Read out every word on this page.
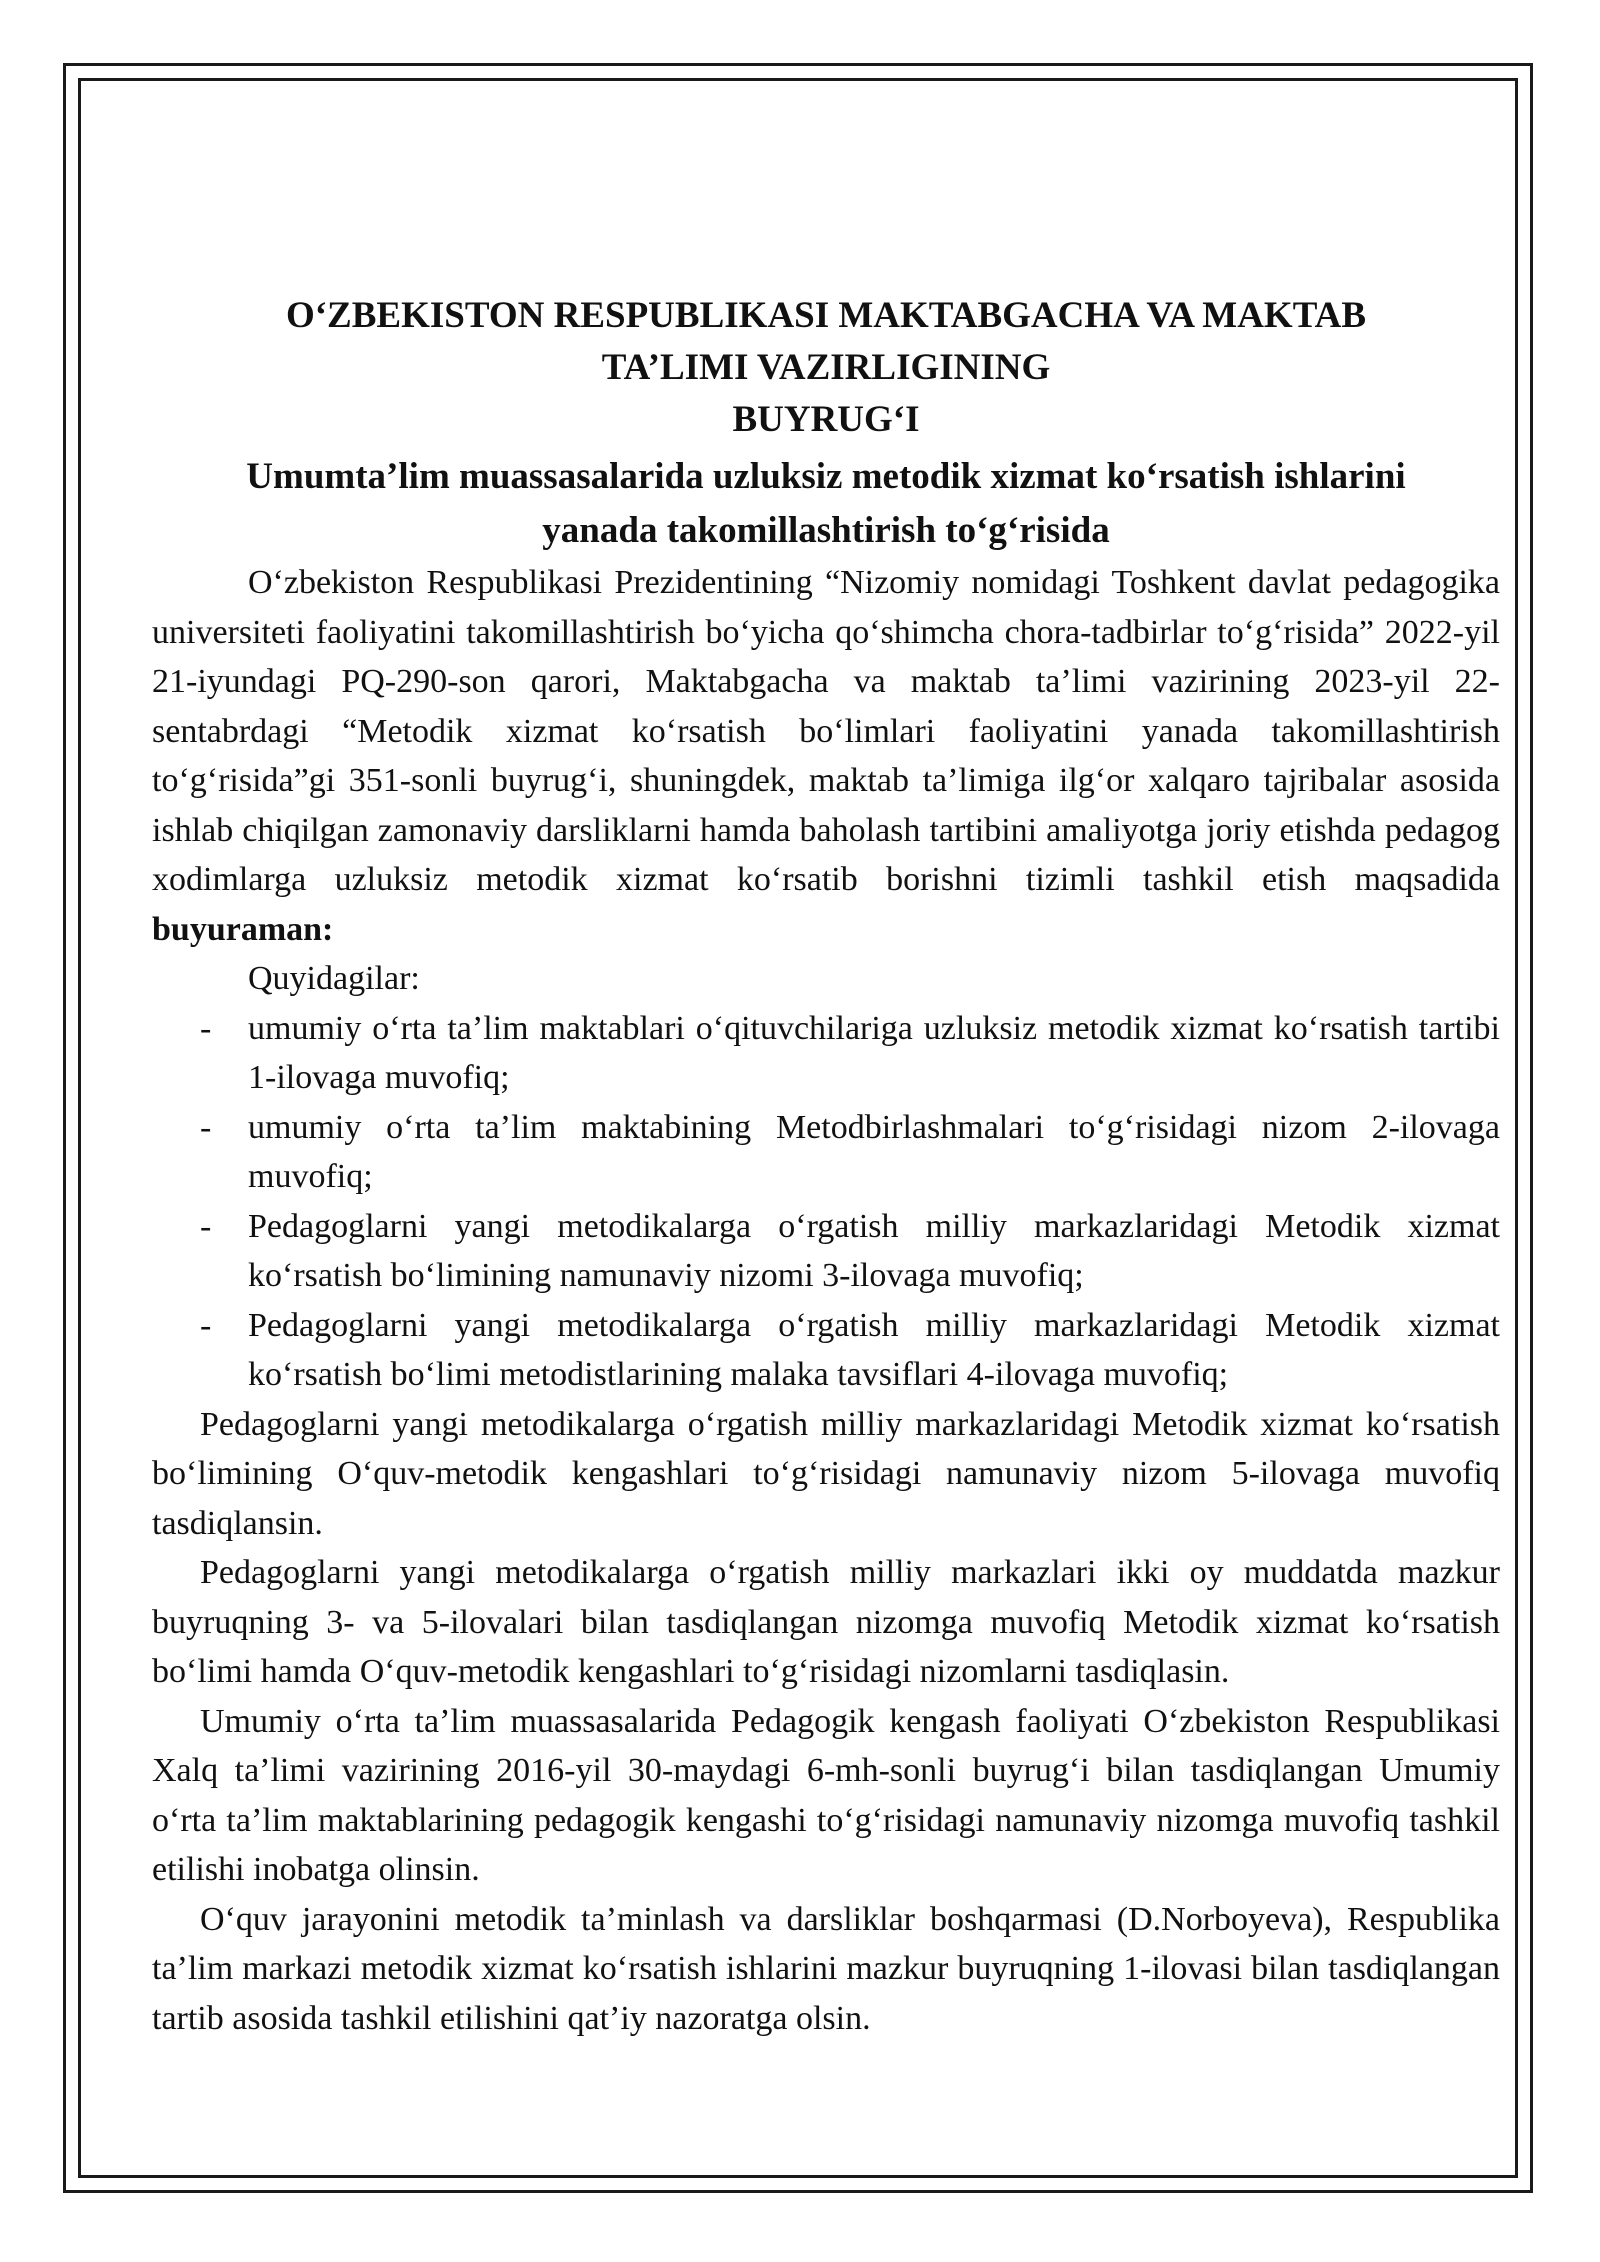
O‘ZBEKISTON RESPUBLIKASI MAKTABGACHA VA MAKTAB
TA’LIMI VAZIRLIGINING
BUYRUG‘I
Umumta’lim muassasalarida uzluksiz metodik xizmat ko‘rsatish ishlarini
yanada takomillashtirish to‘g‘risida

O‘zbekiston Respublikasi Prezidentining “Nizomiy nomidagi Toshkent davlat pedagogika universiteti faoliyatini takomillashtirish bo‘yicha qo‘shimcha chora-tadbirlar to‘g‘risida” 2022-yil 21-iyundagi PQ-290-son qarori, Maktabgacha va maktab ta’limi vazirining 2023-yil 22-sentabrdagi “Metodik xizmat ko‘rsatish bo‘limlari faoliyatini yanada takomillashtirish to‘g‘risida”gi 351-sonli buyrug‘i, shuningdek, maktab ta’limiga ilg‘or xalqaro tajribalar asosida ishlab chiqilgan zamonaviy darsliklarni hamda baholash tartibini amaliyotga joriy etishda pedagog xodimlarga uzluksiz metodik xizmat ko‘rsatib borishni tizimli tashkil etish maqsadida buyuraman:

Quyidagilar:

- umumiy o‘rta ta’lim maktablari o‘qituvchilariga uzluksiz metodik xizmat ko‘rsatish tartibi 1-ilovaga muvofiq;
- umumiy o‘rta ta’lim maktabining Metodbirlashmalari to‘g‘risidagi nizom 2-ilovaga muvofiq;
- Pedagoglarni yangi metodikalarga o‘rgatish milliy markazlaridagi Metodik xizmat ko‘rsatish bo‘limining namunaviy nizomi 3-ilovaga muvofiq;
- Pedagoglarni yangi metodikalarga o‘rgatish milliy markazlaridagi Metodik xizmat ko‘rsatish bo‘limi metodistlarining malaka tavsiflari 4-ilovaga muvofiq;

Pedagoglarni yangi metodikalarga o‘rgatish milliy markazlaridagi Metodik xizmat ko‘rsatish bo‘limining O‘quv-metodik kengashlari to‘g‘risidagi namunaviy nizom 5-ilovaga muvofiq tasdiqlansin.

Pedagoglarni yangi metodikalarga o‘rgatish milliy markazlari ikki oy muddatda mazkur buyruqning 3- va 5-ilovalari bilan tasdiqlangan nizomga muvofiq Metodik xizmat ko‘rsatish bo‘limi hamda O‘quv-metodik kengashlari to‘g‘risidagi nizomlarni tasdiqlasin.

Umumiy o‘rta ta’lim muassasalarida Pedagogik kengash faoliyati O‘zbekiston Respublikasi Xalq ta’limi vazirining 2016-yil 30-maydagi 6-mh-sonli buyrug‘i bilan tasdiqlangan Umumiy o‘rta ta’lim maktablarining pedagogik kengashi to‘g‘risidagi namunaviy nizomga muvofiq tashkil etilishi inobatga olinsin.

O‘quv jarayonini metodik ta’minlash va darsliklar boshqarmasi (D.Norboyeva), Respublika ta’lim markazi metodik xizmat ko‘rsatish ishlarini mazkur buyruqning 1-ilovasi bilan tasdiqlangan tartib asosida tashkil etilishini qat’iy nazoratga olsin.
